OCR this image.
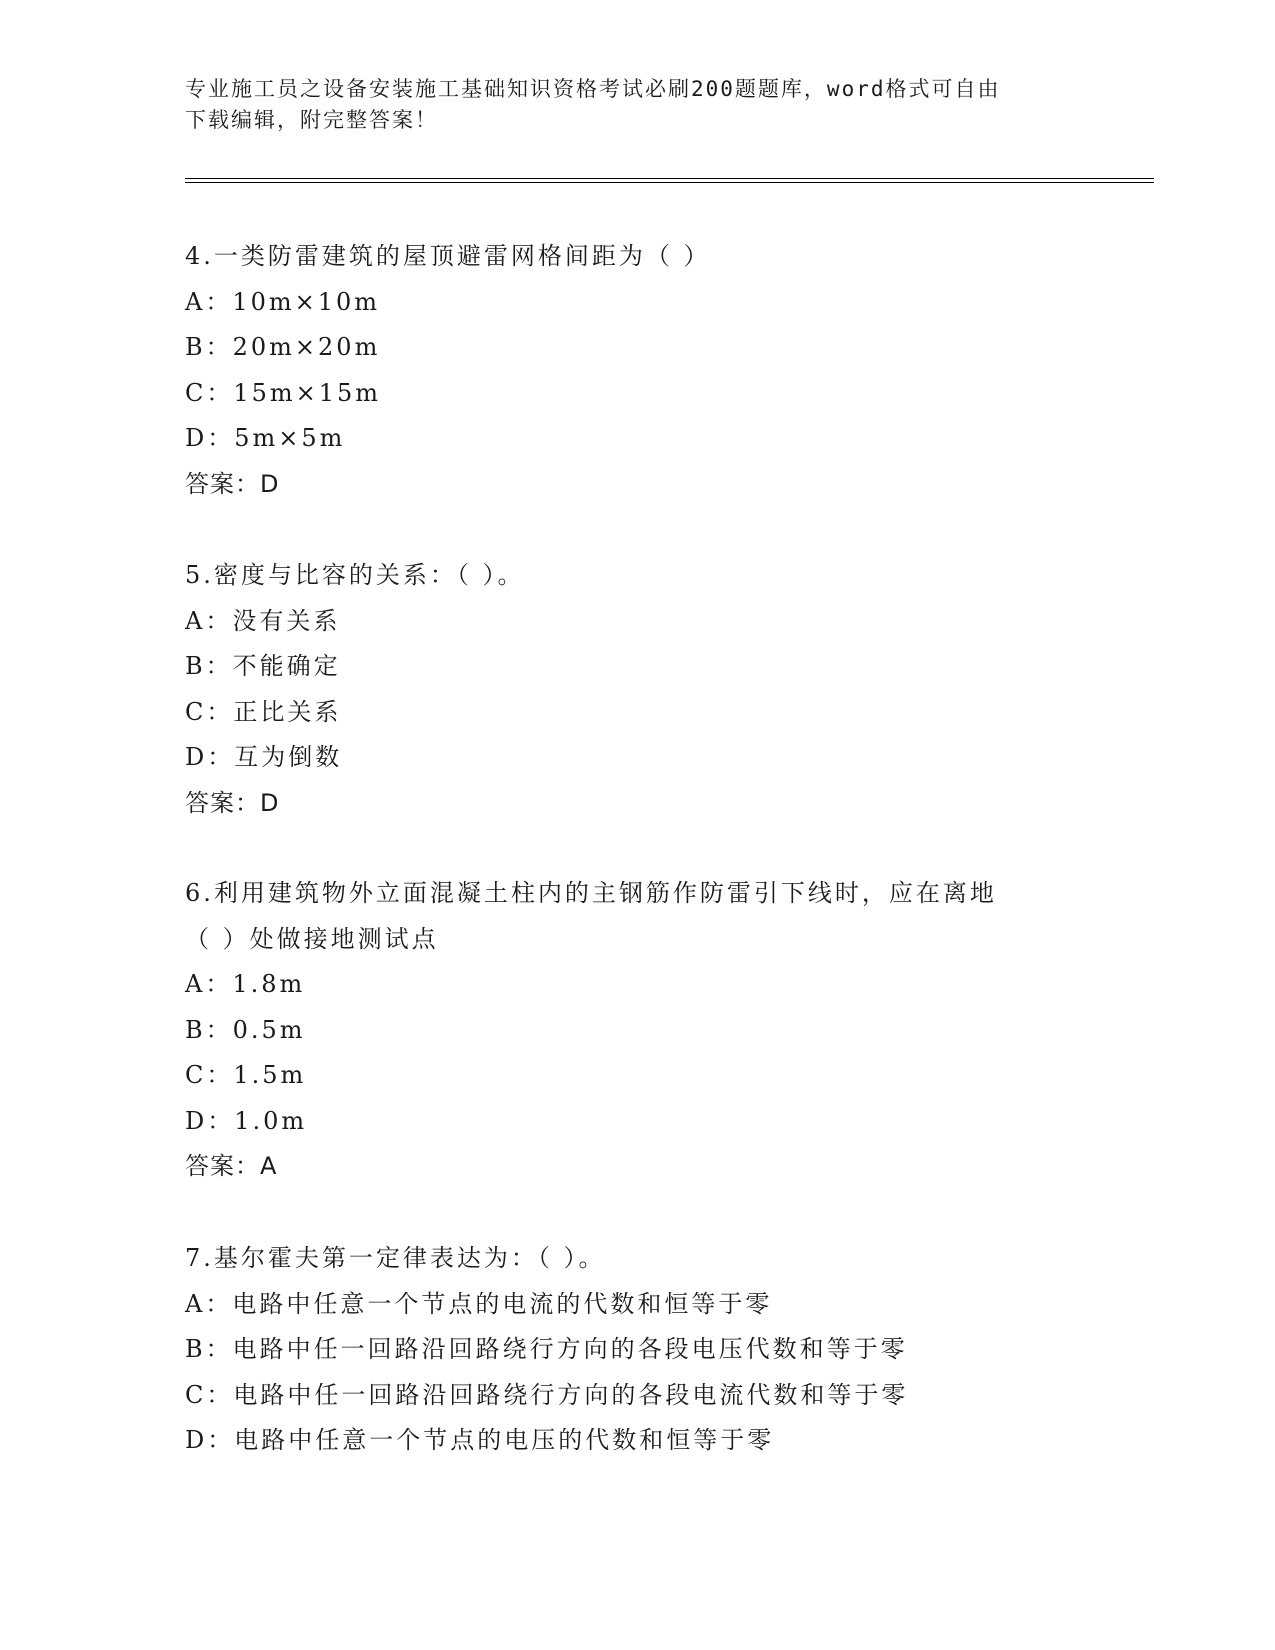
专业施工员之设备安装施工基础知识资格考试必刷200题题库，word格式可自由
下载编辑，附完整答案！
4.一类防雷建筑的屋顶避雷网格间距为（ ）
A：10m×10m
B：20m×20m
C：15m×15m
D：5m×5m
答案：D
5.密度与比容的关系：（ ）。
A：没有关系
B：不能确定
C：正比关系
D：互为倒数
答案：D
6.利用建筑物外立面混凝土柱内的主钢筋作防雷引下线时，应在离地
（ ）处做接地测试点
A：1.8m
B：0.5m
C：1.5m
D：1.0m
答案：A
7.基尔霍夫第一定律表达为：（ ）。
A：电路中任意一个节点的电流的代数和恒等于零
B：电路中任一回路沿回路绕行方向的各段电压代数和等于零
C：电路中任一回路沿回路绕行方向的各段电流代数和等于零
D：电路中任意一个节点的电压的代数和恒等于零
